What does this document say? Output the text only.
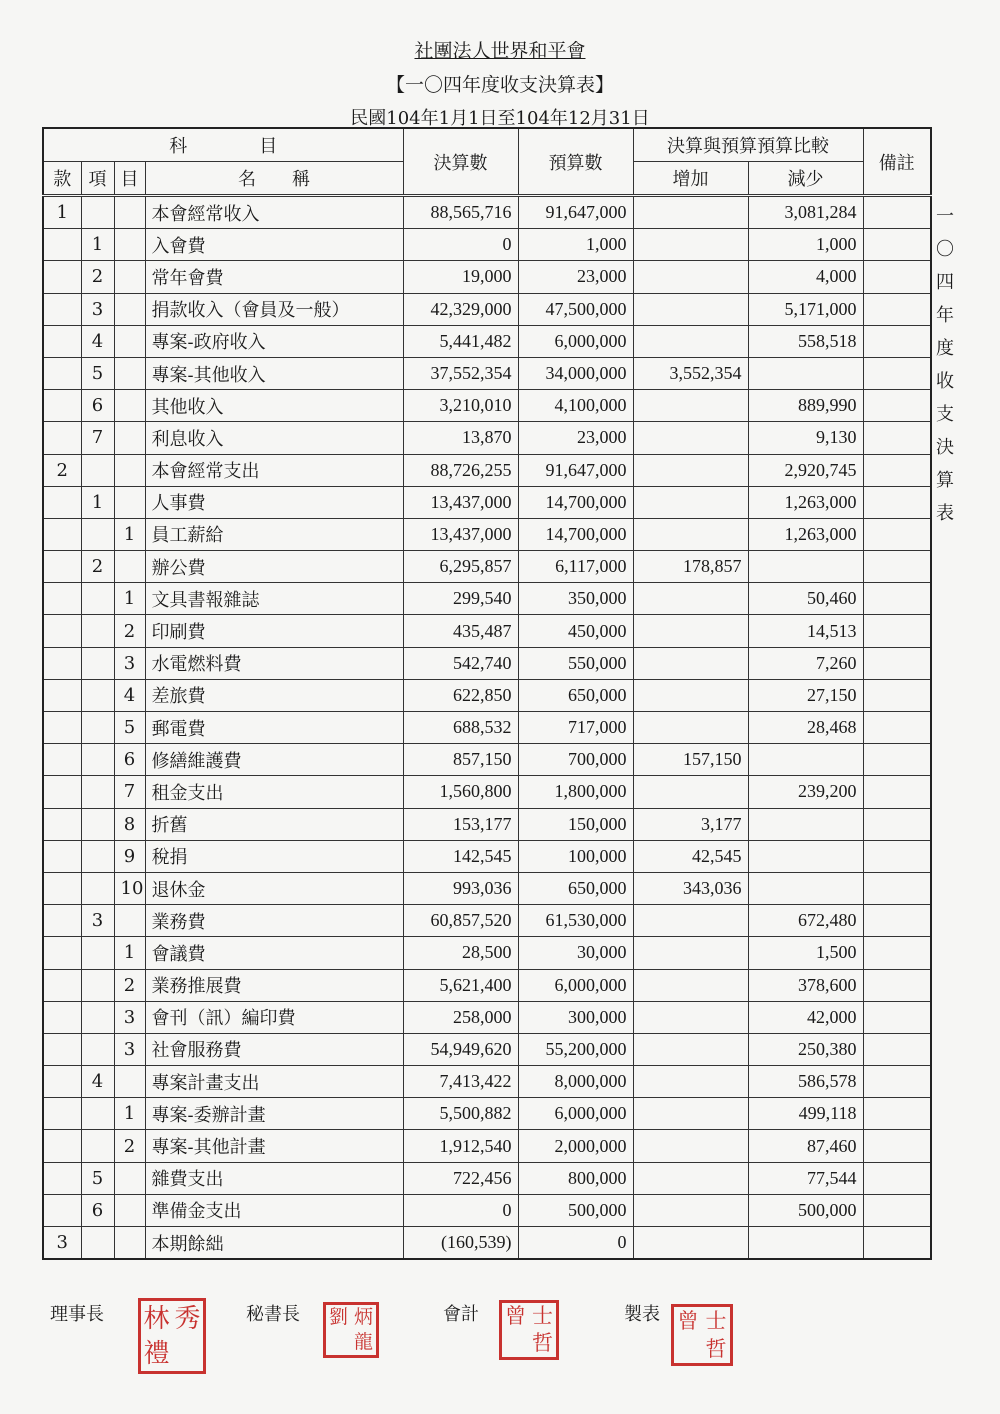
社團法人世界和平會
【一〇四年度收支決算表】
民國104年1月1日至104年12月31日
科　　　　目				決算數	預算數	決算與預算預算比較		備註
款	項	目	名　　稱			增加	減少	
1			本會經常收入	88,565,716	91,647,000		3,081,284	
	1		入會費	0	1,000		1,000	
	2		常年會費	19,000	23,000		4,000	
	3		捐款收入（會員及一般）	42,329,000	47,500,000		5,171,000	
	4		專案-政府收入	5,441,482	6,000,000		558,518	
	5		專案-其他收入	37,552,354	34,000,000	3,552,354		
	6		其他收入	3,210,010	4,100,000		889,990	
	7		利息收入	13,870	23,000		9,130	
2			本會經常支出	88,726,255	91,647,000		2,920,745	
	1		人事費	13,437,000	14,700,000		1,263,000	
		1	員工薪給	13,437,000	14,700,000		1,263,000	
	2		辦公費	6,295,857	6,117,000	178,857		
		1	文具書報雜誌	299,540	350,000		50,460	
		2	印刷費	435,487	450,000		14,513	
		3	水電燃料費	542,740	550,000		7,260	
		4	差旅費	622,850	650,000		27,150	
		5	郵電費	688,532	717,000		28,468	
		6	修繕維護費	857,150	700,000	157,150		
		7	租金支出	1,560,800	1,800,000		239,200	
		8	折舊	153,177	150,000	3,177		
		9	稅捐	142,545	100,000	42,545		
		10	退休金	993,036	650,000	343,036		
	3		業務費	60,857,520	61,530,000		672,480	
		1	會議費	28,500	30,000		1,500	
		2	業務推展費	5,621,400	6,000,000		378,600	
		3	會刊（訊）編印費	258,000	300,000		42,000	
		3	社會服務費	54,949,620	55,200,000		250,380	
	4		專案計畫支出	7,413,422	8,000,000		586,578	
		1	專案-委辦計畫	5,500,882	6,000,000		499,118	
		2	專案-其他計畫	1,912,540	2,000,000		87,460	
	5		雜費支出	722,456	800,000		77,544	
	6		準備金支出	0	500,000		500,000	
3			本期餘絀	(160,539)	0			
一
〇
四
年
度
收
支
決
算
表
理事長 林 秀
禮

秘書長 劉 炳

龍
會計 曾 士

哲
製表 曾 士

哲
